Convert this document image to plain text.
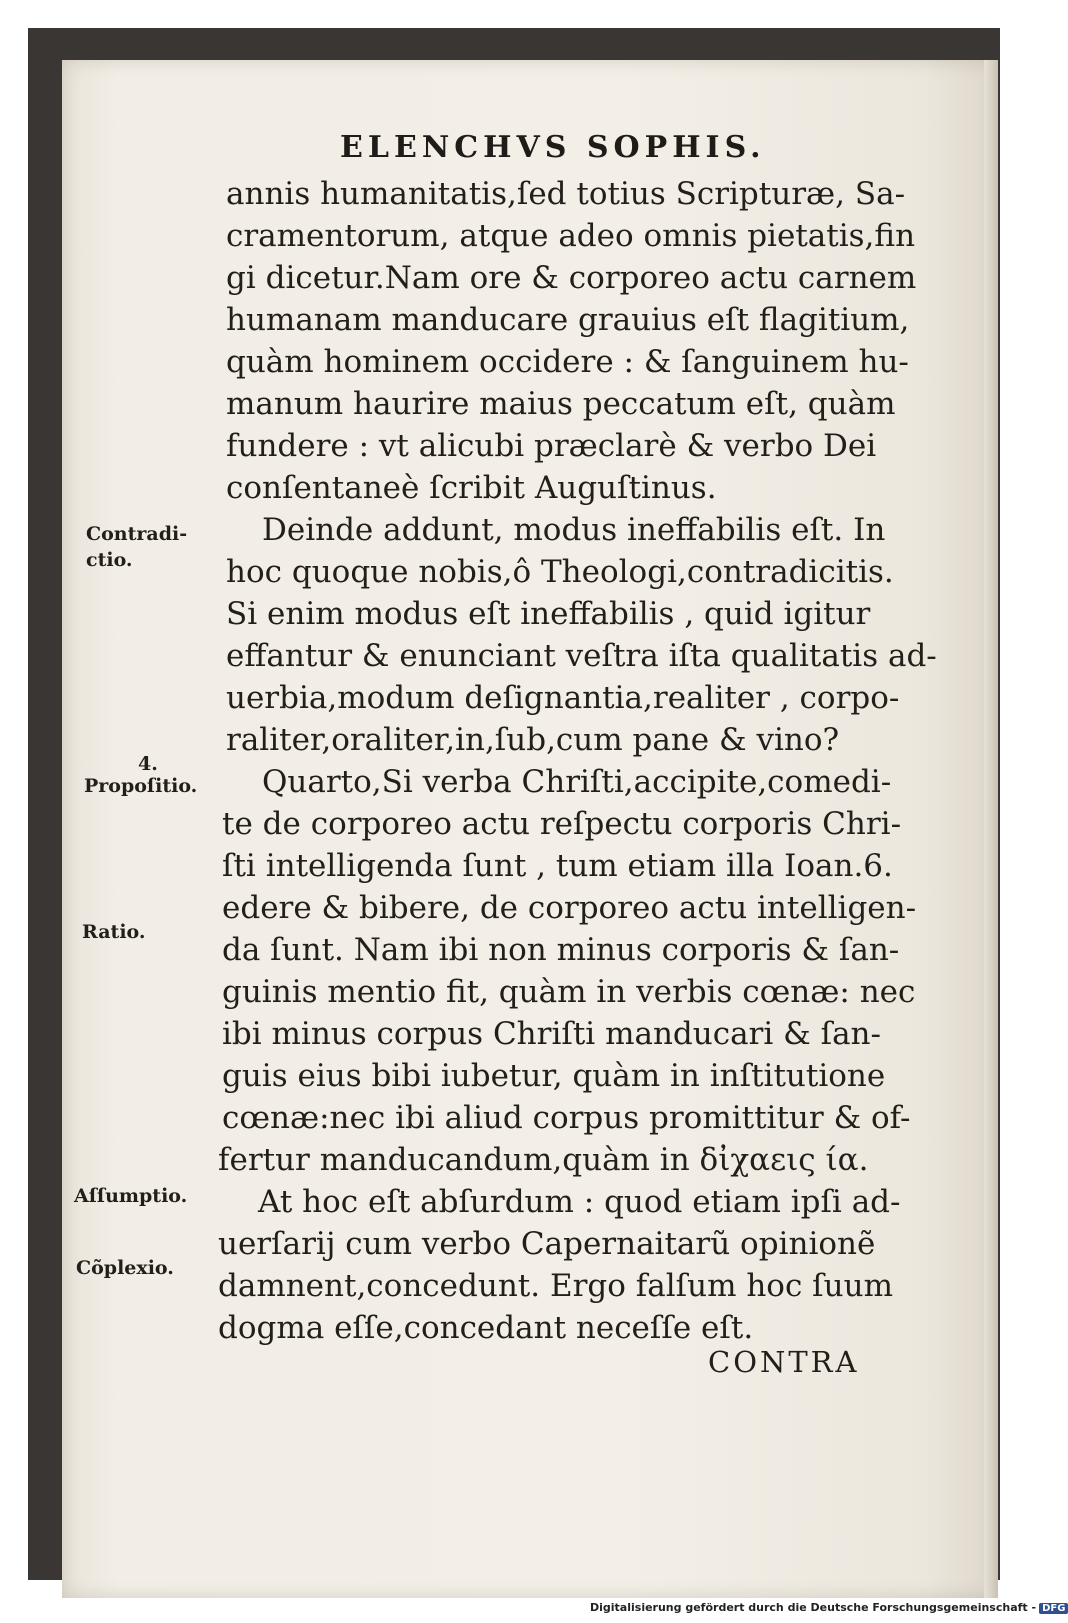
ELENCHVS SOPHIS.
annis humanitatis,ſed totius Scripturæ, Sa-
cramentorum, atque adeo omnis pietatis,fin
gi dicetur.Nam ore & corporeo actu carnem
humanam manducare grauius eſt flagitium,
quàm hominem occidere : & ſanguinem hu-
manum haurire maius peccatum eſt, quàm
fundere : vt alicubi præclarè & verbo Dei
conſentaneè ſcribit Auguſtinus.
Deinde addunt, modus ineffabilis eſt. In
hoc quoque nobis,ô Theologi,contradicitis.
Si enim modus eſt ineffabilis , quid igitur
effantur & enunciant veſtra iſta qualitatis ad-
uerbia,modum deſignantia,realiter , corpo-
raliter,oraliter,in,ſub,cum pane & vino?
Quarto,Si verba Chriſti,accipite,comedi-
te de corporeo actu reſpectu corporis Chri-
ſti intelligenda ſunt , tum etiam illa Ioan.6.
edere & bibere, de corporeo actu intelligen-
da ſunt. Nam ibi non minus corporis & ſan-
guinis mentio fit, quàm in verbis cœnæ: nec
ibi minus corpus Chriſti manducari & ſan-
guis eius bibi iubetur, quàm in inſtitutione
cœnæ:nec ibi aliud corpus promittitur & of-
fertur manducandum,quàm in δἰχαεις ία.
At hoc eſt abſurdum : quod etiam ipſi ad-
uerſarij cum verbo Capernaitarũ opinionẽ
damnent,concedunt. Ergo falſum hoc ſuum
dogma eſſe,concedant neceſſe eſt.
Contradi-
ctio.
4.
Propoſitio.
Ratio.
Aſſumptio.
Cõplexio.
CONTRA
Digitalisierung gefördert durch die Deutsche Forschungsgemeinschaft - DFG
